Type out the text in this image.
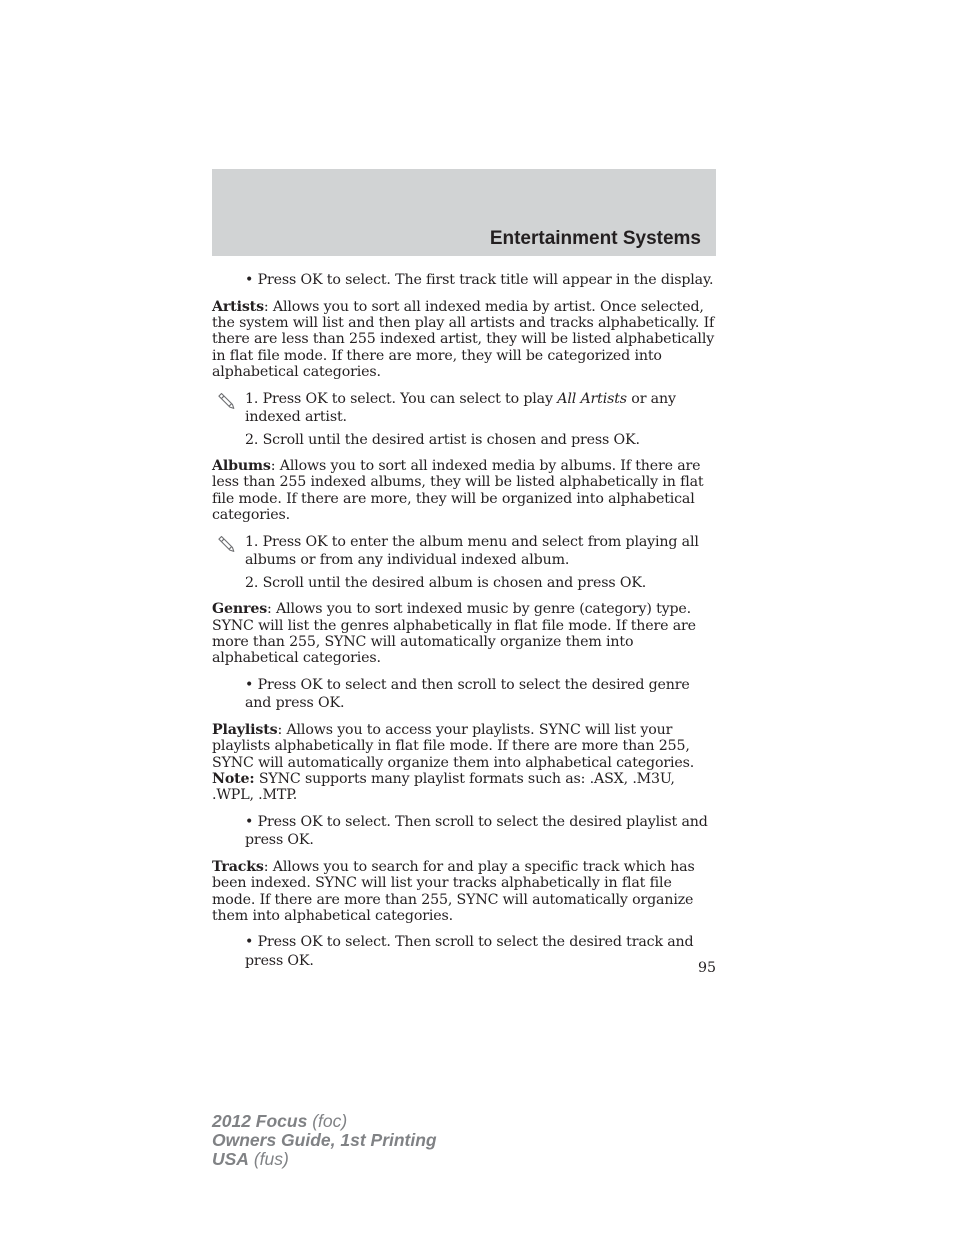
Entertainment Systems
• Press OK to select. The first track title will appear in the display.
Artists: Allows you to sort all indexed media by artist. Once selected, the system will list and then play all artists and tracks alphabetically. If there are less than 255 indexed artist, they will be listed alphabetically in flat file mode. If there are more, they will be categorized into alphabetical categories.
1. Press OK to select. You can select to play All Artists or any indexed artist.
2. Scroll until the desired artist is chosen and press OK.
Albums: Allows you to sort all indexed media by albums. If there are less than 255 indexed albums, they will be listed alphabetically in flat file mode. If there are more, they will be organized into alphabetical categories.
1. Press OK to enter the album menu and select from playing all albums or from any individual indexed album.
2. Scroll until the desired album is chosen and press OK.
Genres: Allows you to sort indexed music by genre (category) type. SYNC will list the genres alphabetically in flat file mode. If there are more than 255, SYNC will automatically organize them into alphabetical categories.
• Press OK to select and then scroll to select the desired genre and press OK.
Playlists: Allows you to access your playlists. SYNC will list your playlists alphabetically in flat file mode. If there are more than 255, SYNC will automatically organize them into alphabetical categories.
Note: SYNC supports many playlist formats such as: .ASX, .M3U, .WPL, .MTP.
• Press OK to select. Then scroll to select the desired playlist and press OK.
Tracks: Allows you to search for and play a specific track which has been indexed. SYNC will list your tracks alphabetically in flat file mode. If there are more than 255, SYNC will automatically organize them into alphabetical categories.
• Press OK to select. Then scroll to select the desired track and press OK.	95
2012 Focus (foc)
Owners Guide, 1st Printing
USA (fus)
